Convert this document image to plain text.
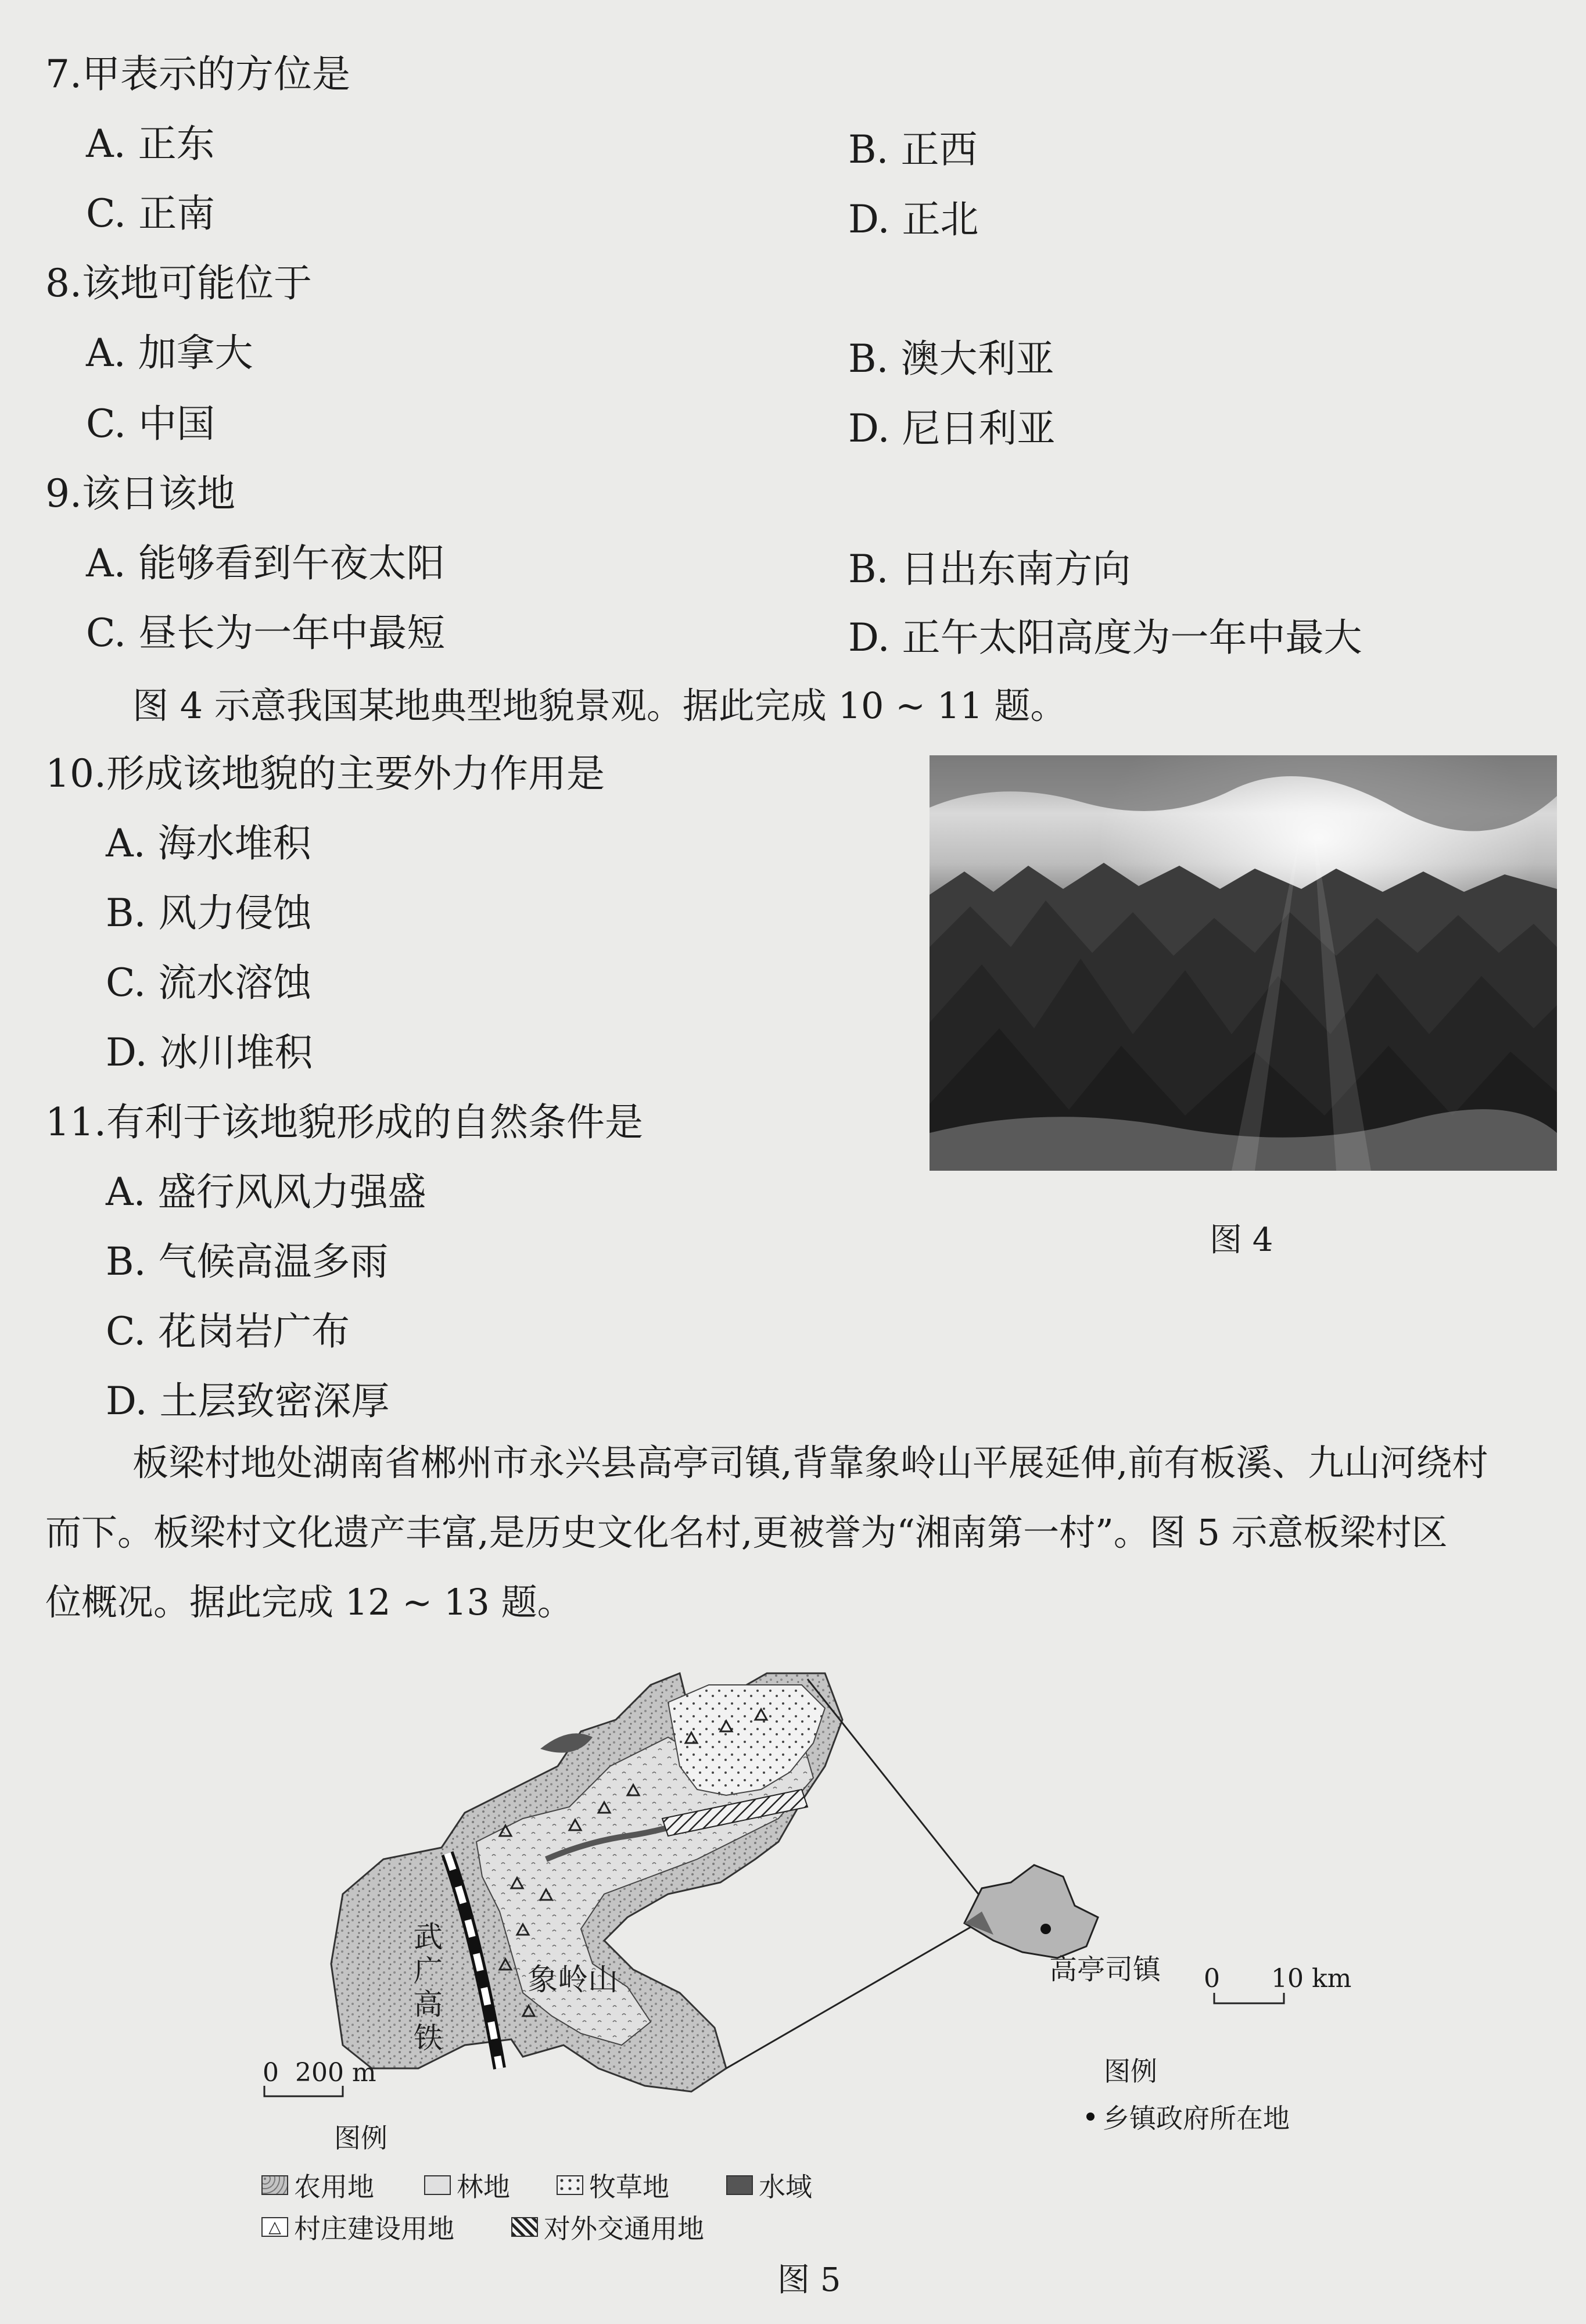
7.甲表示的方位是
A. 正东	B. 正西
C. 正南	D. 正北
8.该地可能位于
A. 加拿大	B. 澳大利亚
C. 中国	D. 尼日利亚
9.该日该地
A. 能够看到午夜太阳	B. 日出东南方向
C. 昼长为一年中最短	D. 正午太阳高度为一年中最大
图 4 示意我国某地典型地貌景观。据此完成 10 ~ 11 题。
10.形成该地貌的主要外力作用是
A. 海水堆积
B. 风力侵蚀
C. 流水溶蚀
D. 冰川堆积
11.有利于该地貌形成的自然条件是
A. 盛行风风力强盛
B. 气候高温多雨
C. 花岗岩广布
D. 土层致密深厚
图 4
板梁村地处湖南省郴州市永兴县高亭司镇,背靠象岭山平展延伸,前有板溪、九山河绕村
而下。板梁村文化遗产丰富,是历史文化名村,更被誉为“湘南第一村”。图 5 示意板梁村区
位概况。据此完成 12 ~ 13 题。
武广高铁
象岭山	高亭司镇 0 10 km
0  200 m	图例
乡镇政府所在地
图例
农用地	林地	牧草地	水域
△ 村庄建设用地	对外交通用地
图 5
